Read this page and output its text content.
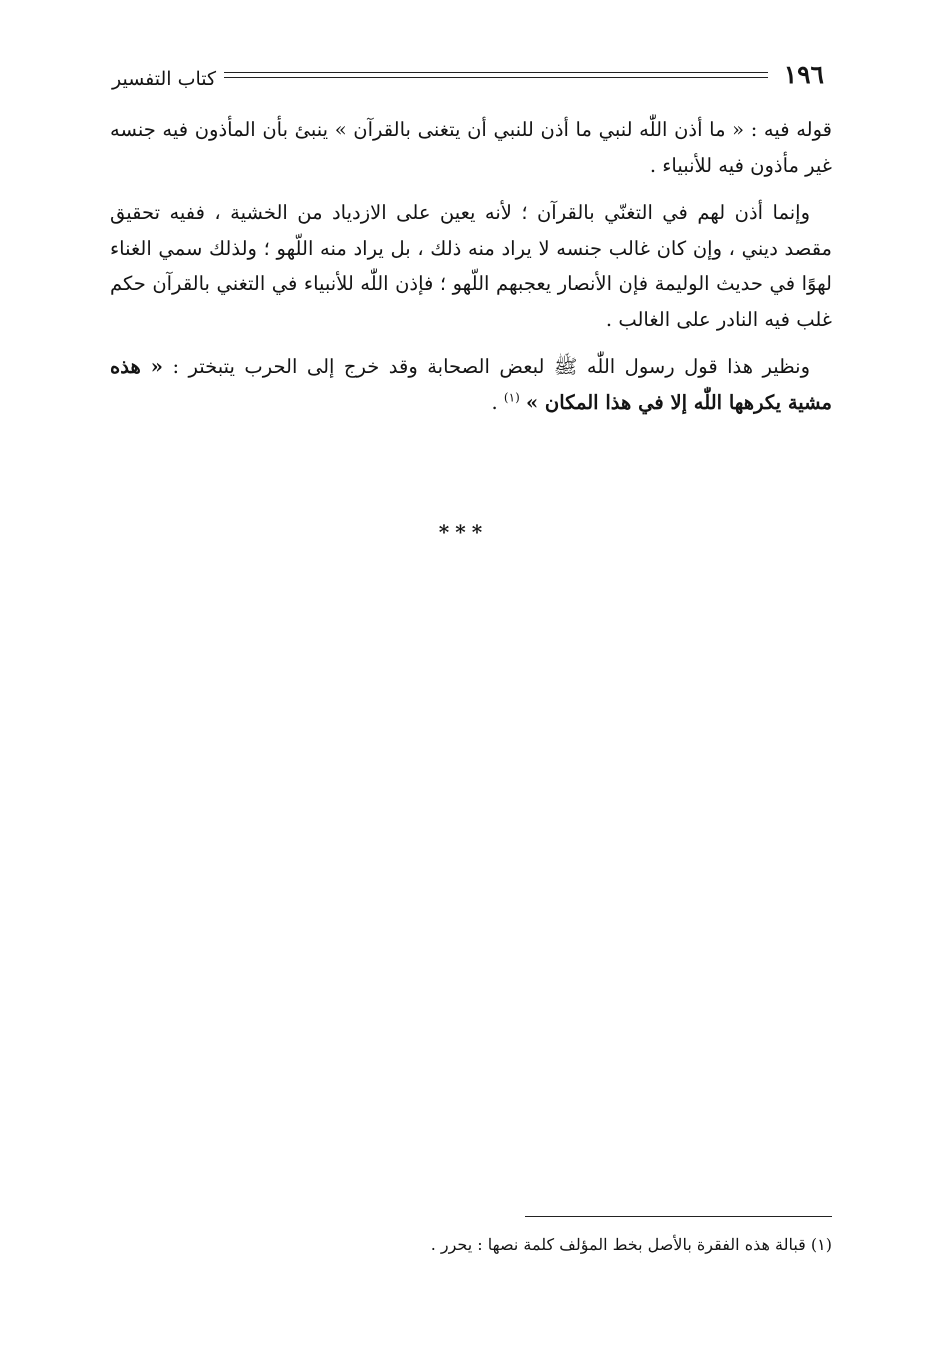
كتاب التفسير	١٩٦

قوله فيه : « ما أذن اللّٰه لنبي ما أذن للنبي أن يتغنى بالقرآن » ينبئ بأن المأذون فيه جنسه غير مأذون فيه للأنبياء .

وإنما أذن لهم في التغنّي بالقرآن ؛ لأنه يعين على الازدياد من الخشية ، ففيه تحقيق مقصد ديني ، وإن كان غالب جنسه لا يراد منه ذلك ، بل يراد منه اللّهو ؛ ولذلك سمي الغناء لهوًا في حديث الوليمة فإن الأنصار يعجبهم اللّهو ؛ فإذن اللّٰه للأنبياء في التغني بالقرآن حكم غلب فيه النادر على الغالب .

ونظير هذا قول رسول اللّٰه ﷺ لبعض الصحابة وقد خرج إلى الحرب يتبختر : « هذه مشية يكرهها اللّٰه إلا في هذا المكان » $^{(١)}$ .

***
(١) قبالة هذه الفقرة بالأصل بخط المؤلف كلمة نصها : يحرر .
